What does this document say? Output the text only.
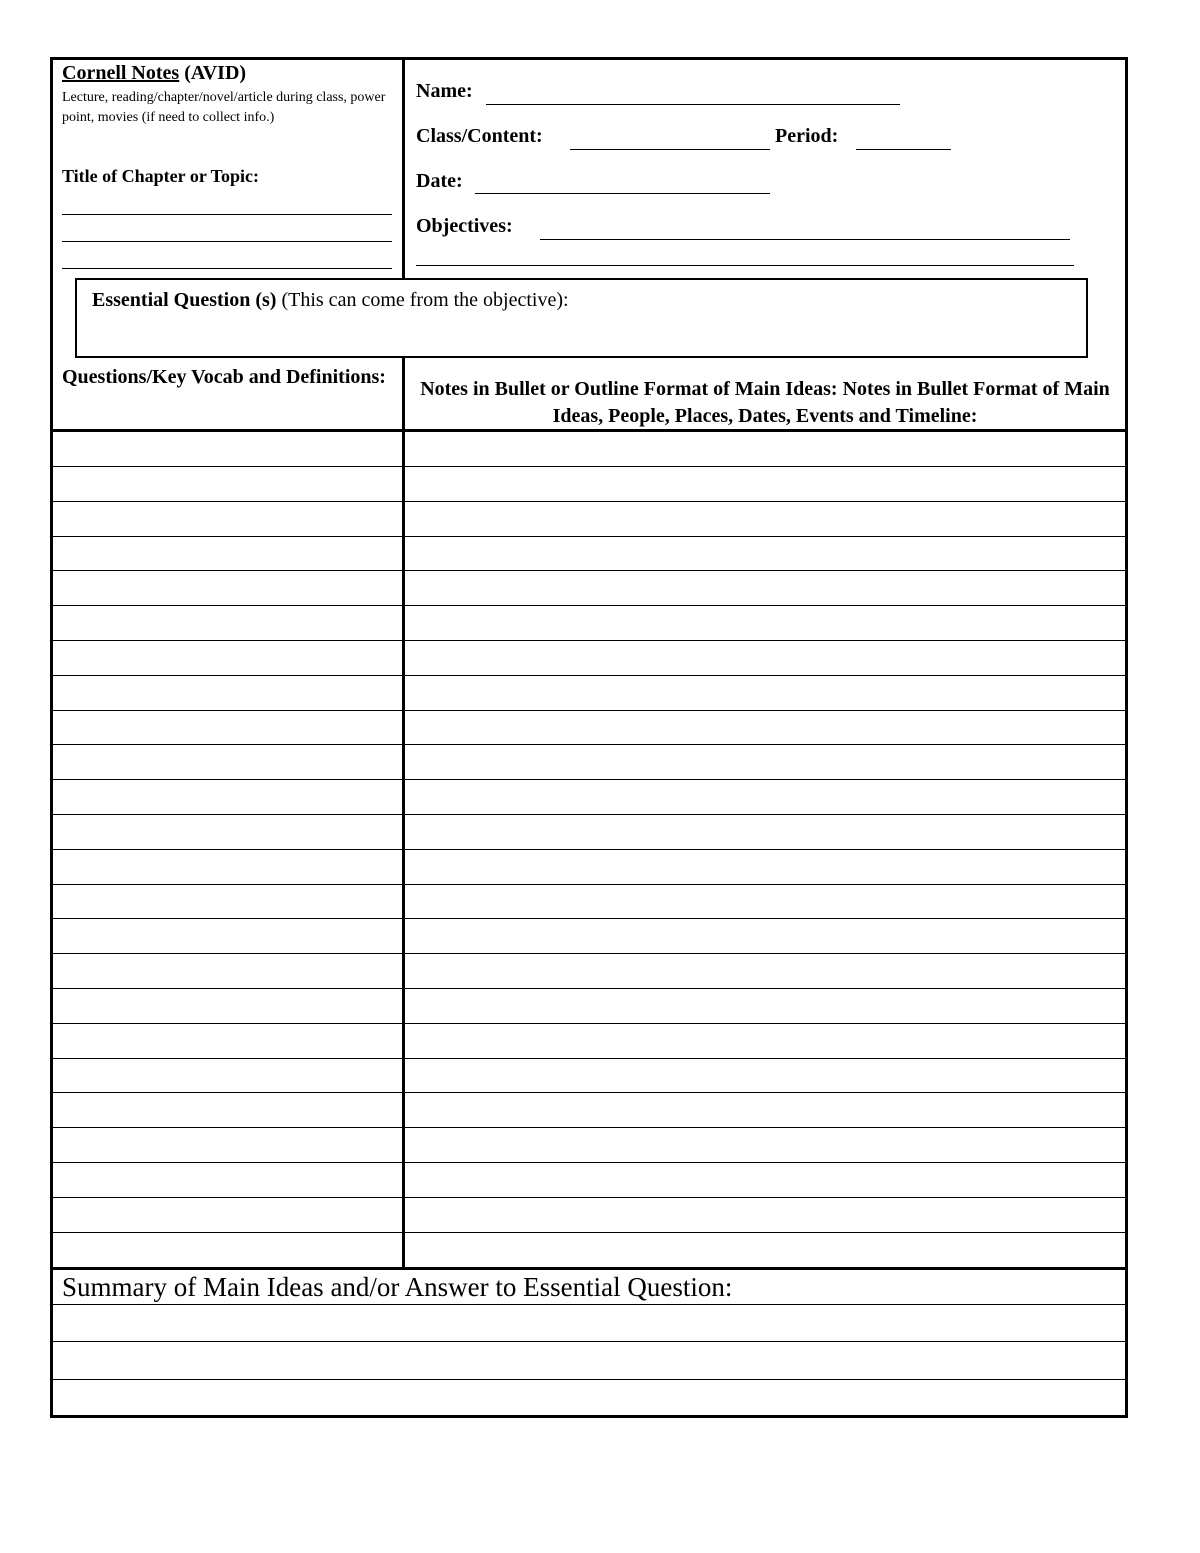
Cornell Notes (AVID)
Lecture, reading/chapter/novel/article during class, power point, movies (if need to collect info.)
Title of Chapter or Topic:
Name:
Class/Content:	Period:
Date:
Objectives:
Essential Question (s) (This can come from the objective):
Questions/Key Vocab and Definitions:
Notes in Bullet or Outline Format of Main Ideas: Notes in Bullet Format of Main Ideas, People, Places, Dates, Events and Timeline:
Summary of Main Ideas and/or Answer to Essential Question:
